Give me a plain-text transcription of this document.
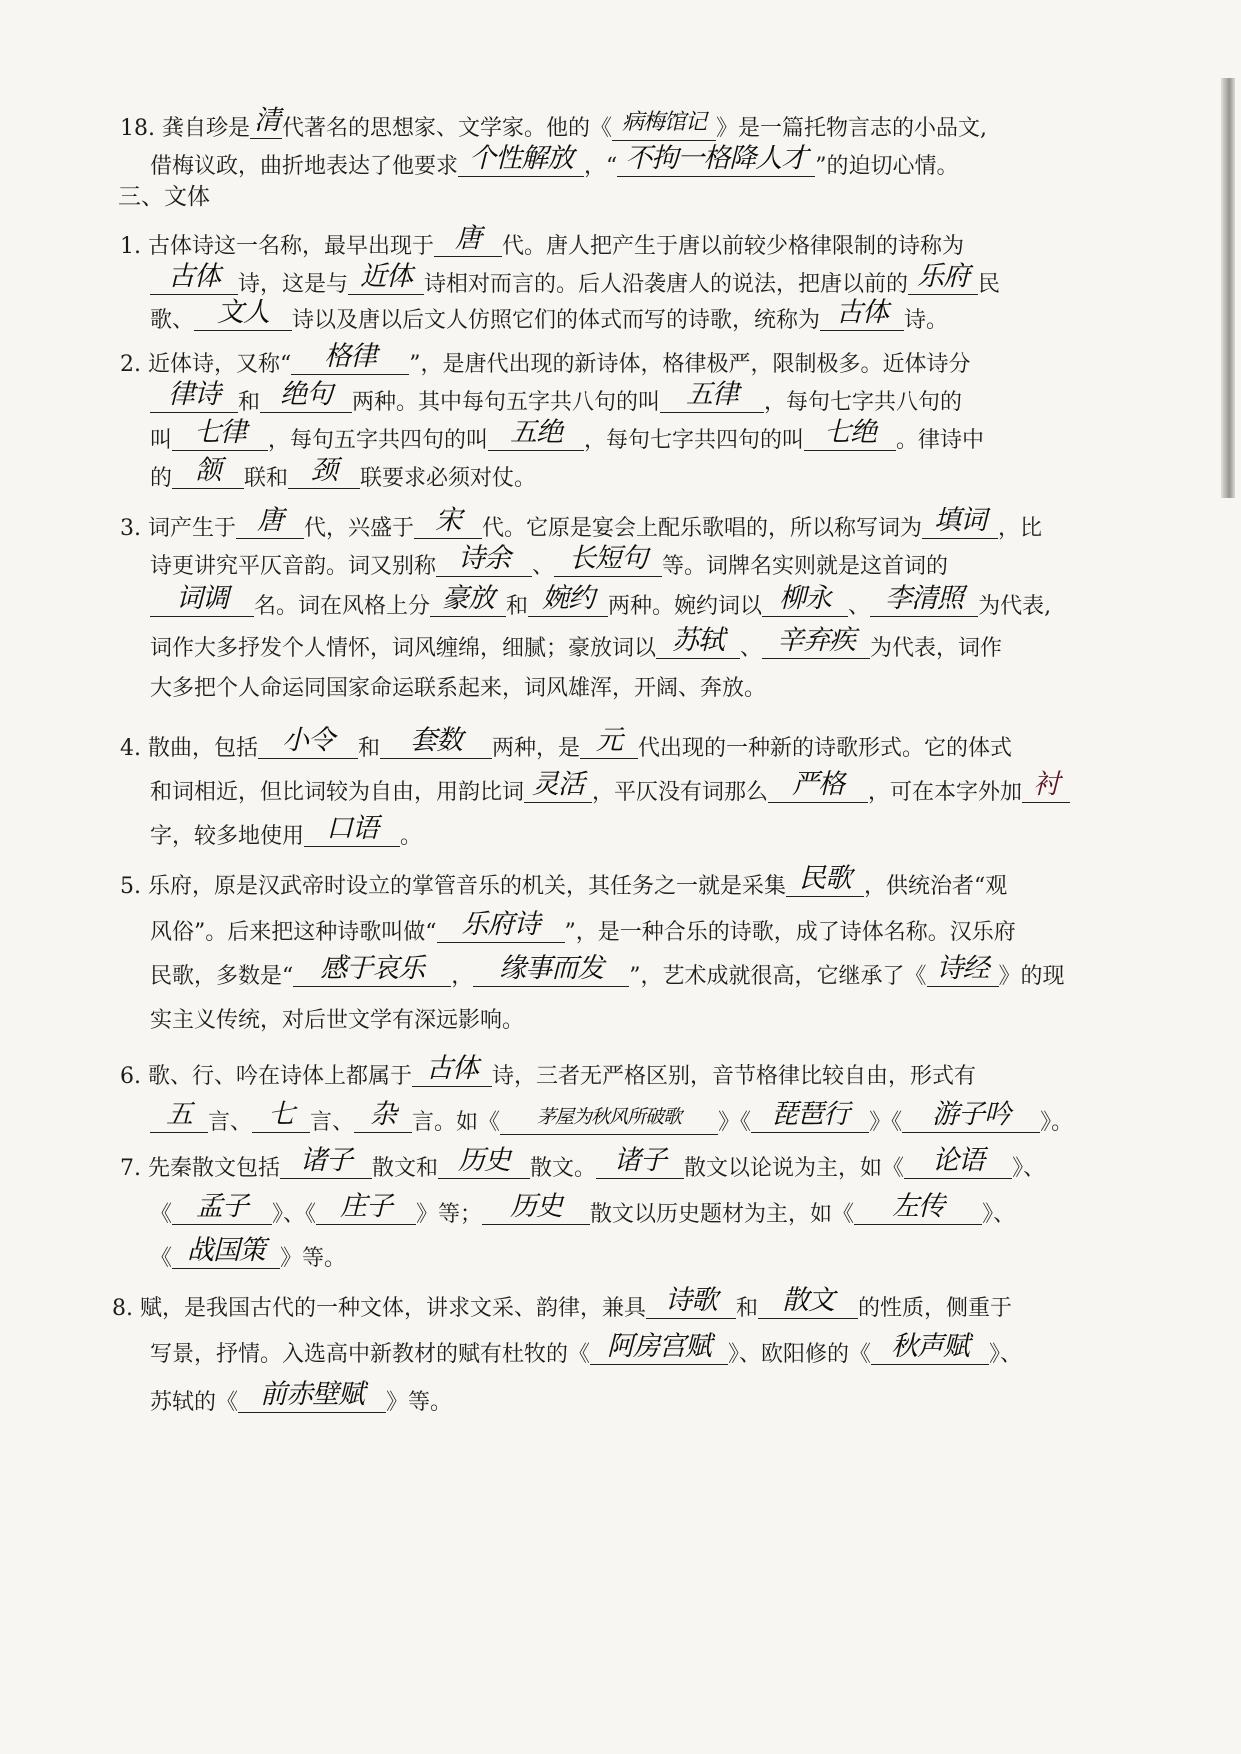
18. 龚自珍是 清代著名的思想家、文学家。他的《 病梅馆记 》是一篇托物言志的小品文,
借梅议政，曲折地表达了他要求 个性解放 ，“ 不拘一格降人才 ”的迫切心情。
三、文体
1. 古体诗这一名称，最早出现于 唐 代。唐人把产生于唐以前较少格律限制的诗称为
古体 诗，这是与 近体 诗相对而言的。后人沿袭唐人的说法，把唐以前的 乐府 民
歌、 文人 诗以及唐以后文人仿照它们的体式而写的诗歌，统称为 古体 诗。
2. 近体诗，又称“ 格律 ”，是唐代出现的新诗体，格律极严，限制极多。近体诗分
律诗 和 绝句 两种。其中每句五字共八句的叫 五律 ，每句七字共八句的
叫 七律 ，每句五字共四句的叫 五绝 ，每句七字共四句的叫 七绝 。律诗中
的 颔 联和 颈 联要求必须对仗。
3. 词产生于 唐 代，兴盛于 宋 代。它原是宴会上配乐歌唱的，所以称写词为 填词 ，比
诗更讲究平仄音韵。词又别称 诗余 、 长短句 等。词牌名实则就是这首词的
词调 名。词在风格上分 豪放 和 婉约 两种。婉约词以 柳永 、 李清照 为代表,
词作大多抒发个人情怀，词风缠绵，细腻；豪放词以 苏轼 、 辛弃疾 为代表，词作
大多把个人命运同国家命运联系起来，词风雄浑，开阔、奔放。
4. 散曲，包括 小令 和 套数 两种，是 元 代出现的一种新的诗歌形式。它的体式
和词相近，但比词较为自由，用韵比词 灵活 ，平仄没有词那么 严格 ，可在本字外加 衬
字，较多地使用 口语 。
5. 乐府，原是汉武帝时设立的掌管音乐的机关，其任务之一就是采集 民歌 ，供统治者“观
风俗”。后来把这种诗歌叫做“ 乐府诗 ”，是一种合乐的诗歌，成了诗体名称。汉乐府
民歌，多数是“ 感于哀乐 ， 缘事而发 ”，艺术成就很高，它继承了《 诗经 》的现
实主义传统，对后世文学有深远影响。
6. 歌、行、吟在诗体上都属于 古体 诗，三者无严格区别，音节格律比较自由，形式有
五 言、 七 言、 杂 言。如《 茅屋为秋风所破歌 》《 琵琶行 》《 游子吟 》。
7. 先秦散文包括 诸子 散文和 历史 散文。 诸子 散文以论说为主，如《 论语 》、
《 孟子 》、《 庄子 》等； 历史 散文以历史题材为主，如《 左传 》、
《 战国策 》等。
8. 赋，是我国古代的一种文体，讲求文采、韵律，兼具 诗歌 和 散文 的性质，侧重于
写景，抒情。入选高中新教材的赋有杜牧的《 阿房宫赋 》、欧阳修的《 秋声赋 》、
苏轼的《 前赤壁赋 》等。
